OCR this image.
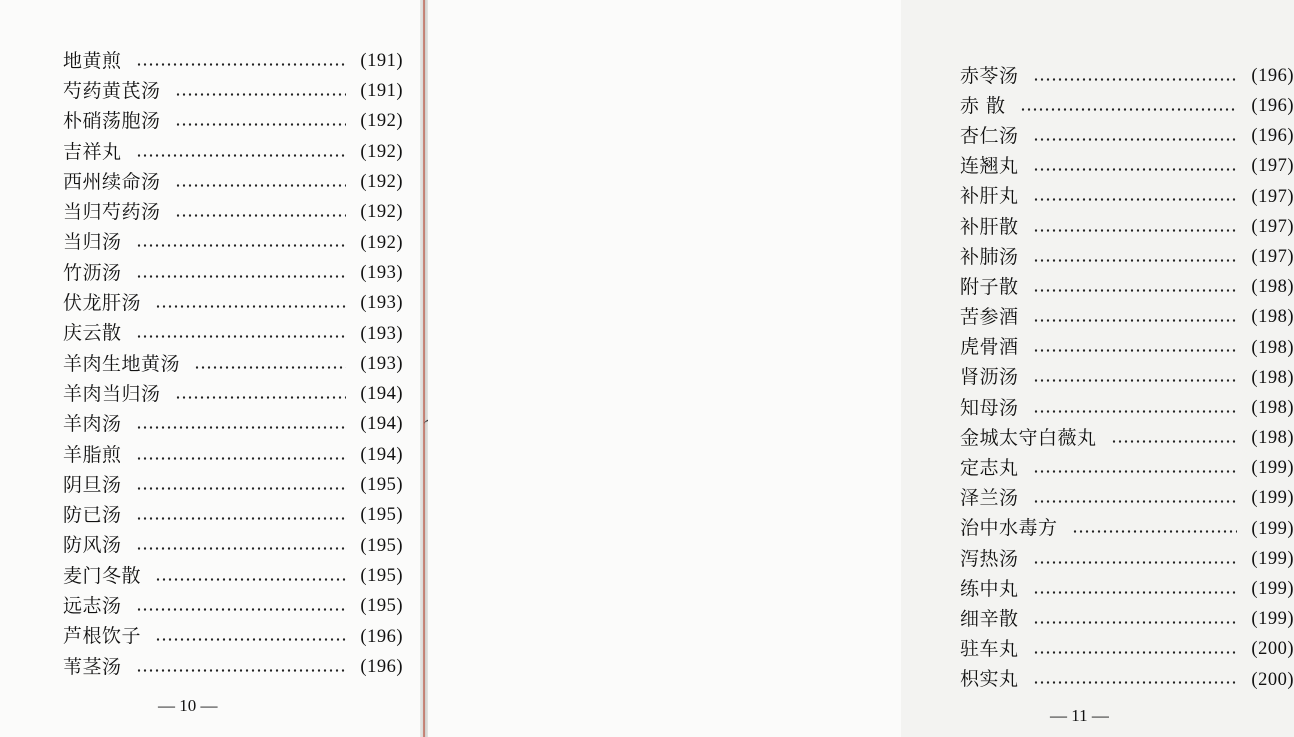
地黄煎	(191)
芍药黄芪汤	(191)
朴硝荡胞汤	(192)
吉祥丸	(192)
西州续命汤	(192)
当归芍药汤	(192)
当归汤	(192)
竹沥汤	(193)
伏龙肝汤	(193)
庆云散	(193)
羊肉生地黄汤	(193)
羊肉当归汤	(194)
羊肉汤	(194)
羊脂煎	(194)
阴旦汤	(195)
防已汤	(195)
防风汤	(195)
麦门冬散	(195)
远志汤	(195)
芦根饮子	(196)
苇茎汤	(196)
— 10 —
赤苓汤	(196)
赤 散	(196)
杏仁汤	(196)
连翘丸	(197)
补肝丸	(197)
补肝散	(197)
补肺汤	(197)
附子散	(198)
苦参酒	(198)
虎骨酒	(198)
肾沥汤	(198)
知母汤	(198)
金城太守白薇丸	(198)
定志丸	(199)
泽兰汤	(199)
治中水毒方	(199)
泻热汤	(199)
练中丸	(199)
细辛散	(199)
驻车丸	(200)
枳实丸	(200)
— 11 —
